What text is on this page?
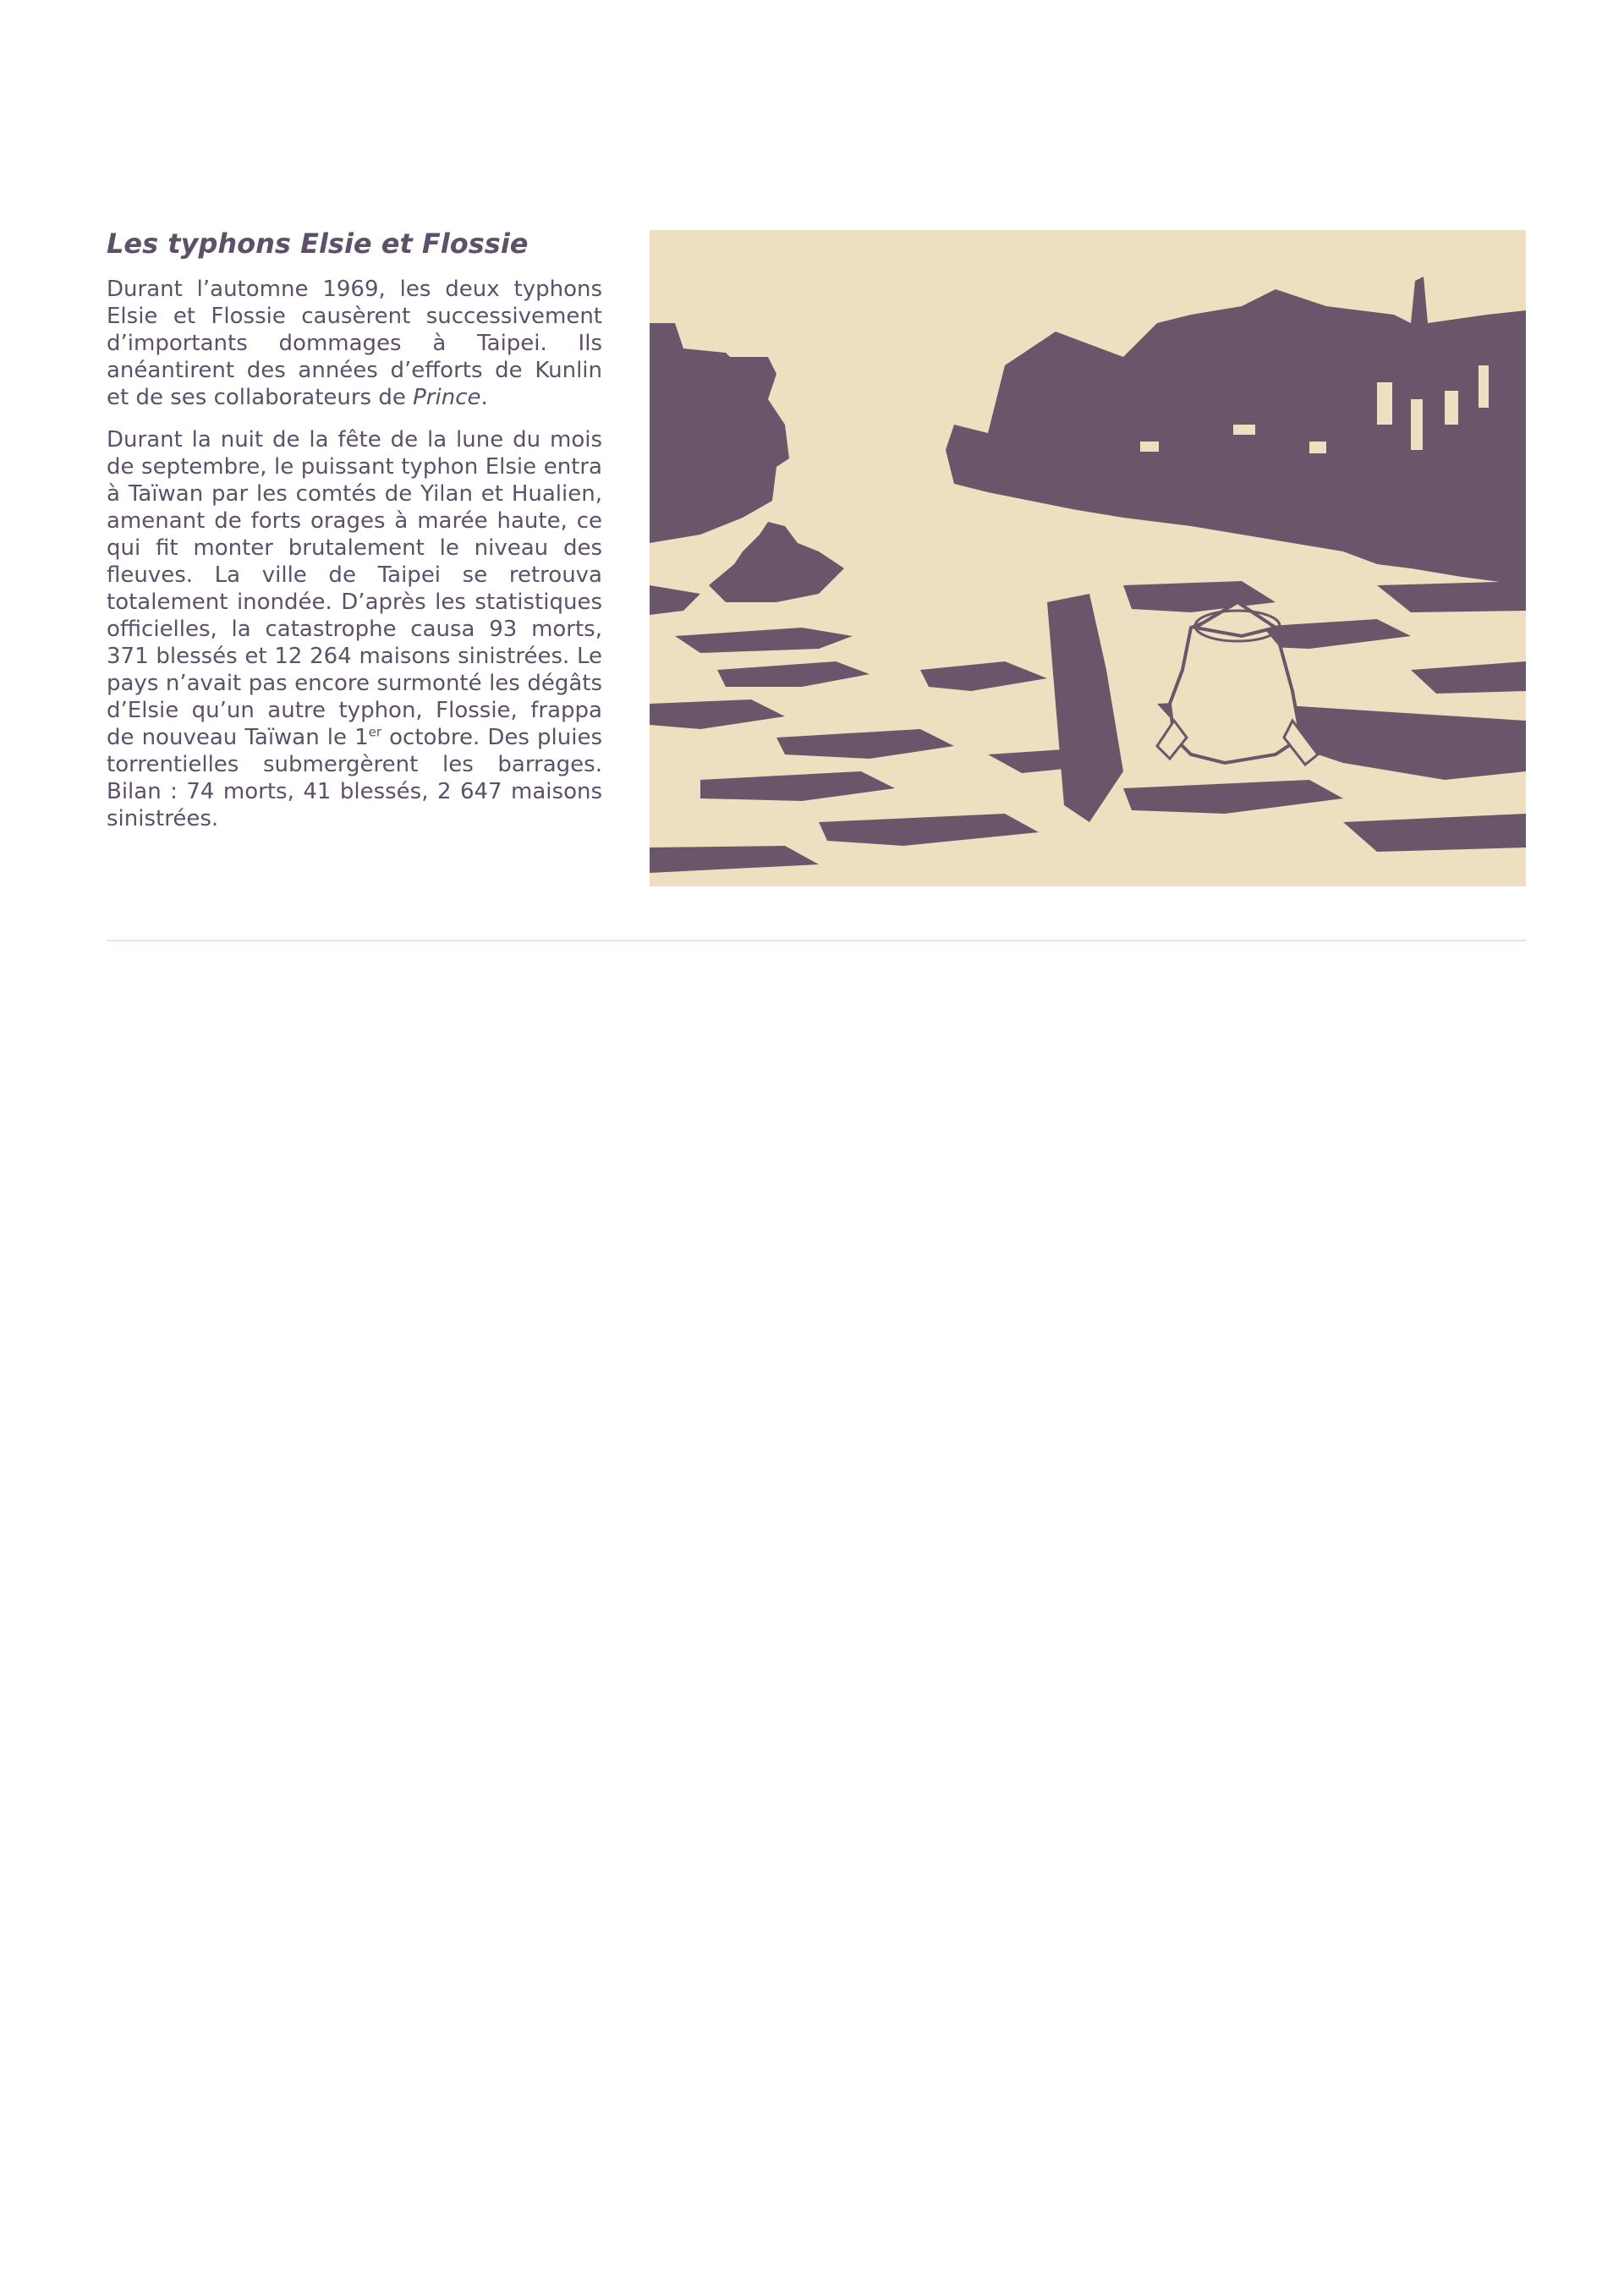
Les typhons Elsie et Flossie

Durant l’automne 1969, les deux typhons Elsie et Flossie causèrent successivement d’importants dommages à Taipei. Ils anéantirent des années d’efforts de Kunlin et de ses collaborateurs de Prince.

Durant la nuit de la fête de la lune du mois de septembre, le puissant typhon Elsie entra à Taïwan par les comtés de Yilan et Hualien, amenant de forts orages à marée haute, ce qui fit monter brutalement le niveau des fleuves. La ville de Taipei se retrouva totalement inondée. D’après les statistiques officielles, la catastrophe causa 93 morts, 371 blessés et 12 264 maisons sinistrées. Le pays n’avait pas encore surmonté les dégâts d’Elsie qu’un autre typhon, Flossie, frappa de nouveau Taïwan le 1er octobre. Des pluies torrentielles submergèrent les barrages. Bilan : 74 morts, 41 blessés, 2 647 maisons sinistrées.
